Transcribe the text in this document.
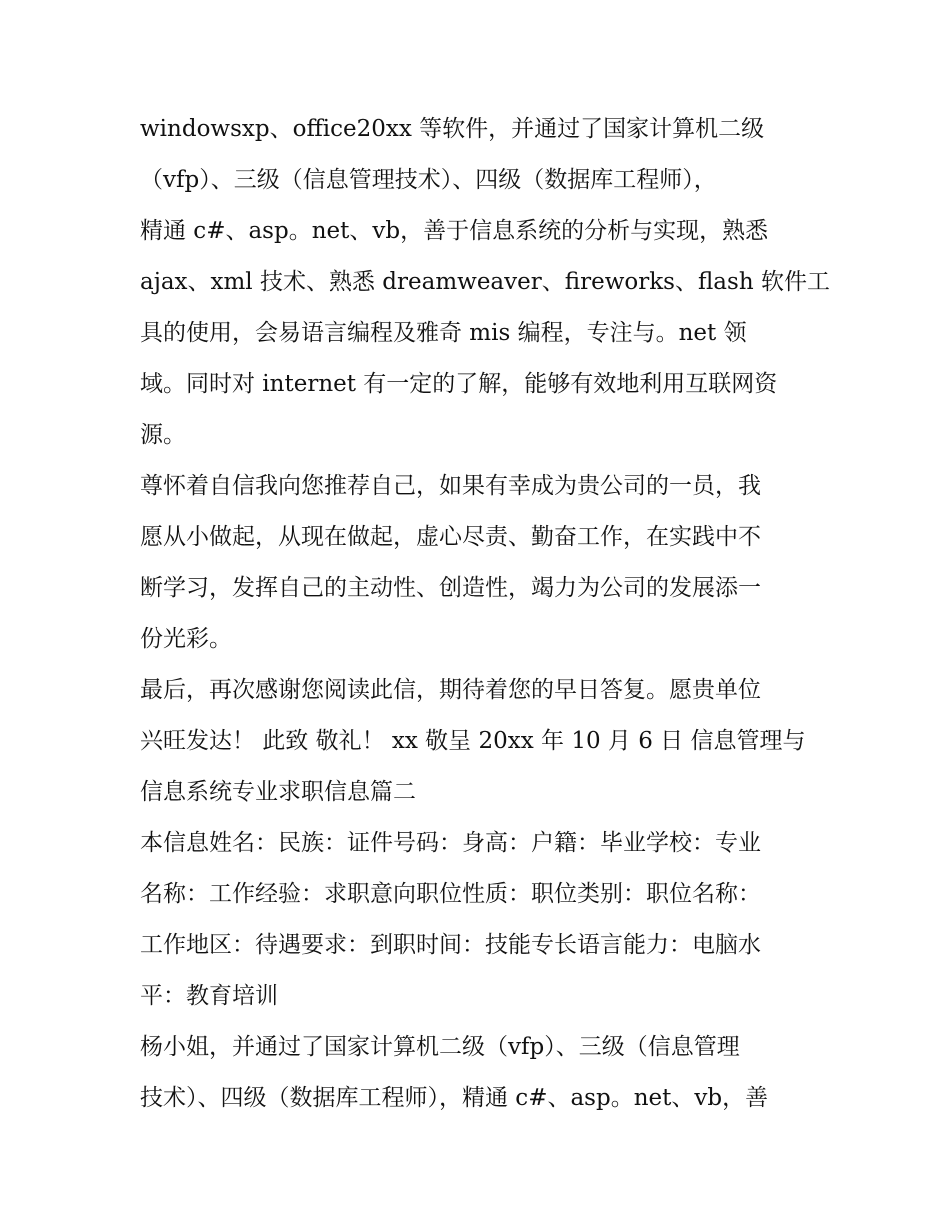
windowsxp、office20xx 等软件，并通过了国家计算机二级
（vfp）、三级（信息管理技术）、四级（数据库工程师），
精通 c#、asp。net、vb，善于信息系统的分析与实现，熟悉
ajax、xml 技术、熟悉 dreamweaver、fireworks、flash 软件工
具的使用，会易语言编程及雅奇 mis 编程，专注与。net 领
域。同时对 internet 有一定的了解，能够有效地利用互联网资
源。
尊怀着自信我向您推荐自己，如果有幸成为贵公司的一员，我
愿从小做起，从现在做起，虚心尽责、勤奋工作，在实践中不
断学习，发挥自己的主动性、创造性，竭力为公司的发展添一
份光彩。
最后，再次感谢您阅读此信，期待着您的早日答复。愿贵单位
兴旺发达！ 此致 敬礼！ xx 敬呈 20xx 年 10 月 6 日 信息管理与
信息系统专业求职信息篇二
本信息姓名：民族：证件号码：身高：户籍：毕业学校：专业
名称：工作经验：求职意向职位性质：职位类别：职位名称：
工作地区：待遇要求：到职时间：技能专长语言能力：电脑水
平：教育培训
杨小姐，并通过了国家计算机二级（vfp）、三级（信息管理
技术）、四级（数据库工程师），精通 c#、asp。net、vb，善
